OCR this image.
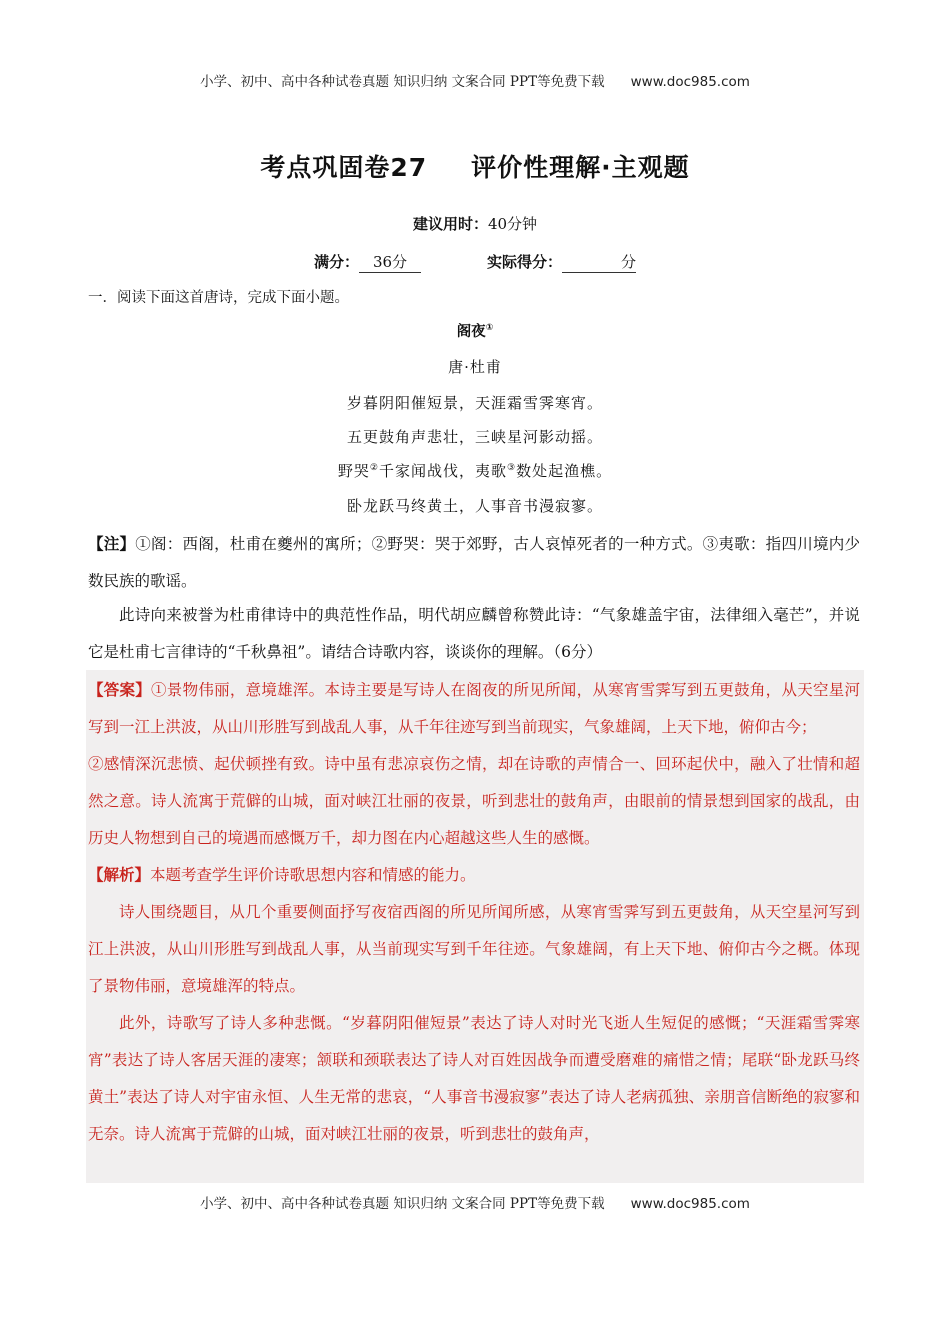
小学、初中、高中各种试卷真题 知识归纳 文案合同 PPT等免费下载 www.doc985.com
考点巩固卷27 评价性理解·主观题
建议用时：40分钟
满分： 36分	实际得分：	分
一．阅读下面这首唐诗，完成下面小题。
阁夜①
唐·杜甫
岁暮阴阳催短景，天涯霜雪霁寒宵。
五更鼓角声悲壮，三峡星河影动摇。
野哭②千家闻战伐，夷歌③数处起渔樵。
卧龙跃马终黄土，人事音书漫寂寥。
【注】①阁：西阁，杜甫在夔州的寓所；②野哭：哭于郊野，古人哀悼死者的一种方式。③夷歌：指四川境内少数民族的歌谣。
此诗向来被誉为杜甫律诗中的典范性作品，明代胡应麟曾称赞此诗：“气象雄盖宇宙，法律细入毫芒”，并说它是杜甫七言律诗的“千秋鼻祖”。请结合诗歌内容，谈谈你的理解。（6分）
【答案】①景物伟丽，意境雄浑。本诗主要是写诗人在阁夜的所见所闻，从寒宵雪霁写到五更鼓角，从天空星河写到一江上洪波，从山川形胜写到战乱人事，从千年往迹写到当前现实，气象雄阔，上天下地，俯仰古今；
②感情深沉悲愤、起伏顿挫有致。诗中虽有悲凉哀伤之情，却在诗歌的声情合一、回环起伏中，融入了壮情和超然之意。诗人流寓于荒僻的山城，面对峡江壮丽的夜景，听到悲壮的鼓角声，由眼前的情景想到国家的战乱，由历史人物想到自己的境遇而感慨万千，却力图在内心超越这些人生的感慨。
【解析】本题考查学生评价诗歌思想内容和情感的能力。
诗人围绕题目，从几个重要侧面抒写夜宿西阁的所见所闻所感，从寒宵雪霁写到五更鼓角，从天空星河写到江上洪波，从山川形胜写到战乱人事，从当前现实写到千年往迹。气象雄阔，有上天下地、俯仰古今之概。体现了景物伟丽，意境雄浑的特点。
此外，诗歌写了诗人多种悲慨。“岁暮阴阳催短景”表达了诗人对时光飞逝人生短促的感慨；“天涯霜雪霁寒宵”表达了诗人客居天涯的凄寒；颔联和颈联表达了诗人对百姓因战争而遭受磨难的痛惜之情；尾联“卧龙跃马终黄土”表达了诗人对宇宙永恒、人生无常的悲哀，“人事音书漫寂寥”表达了诗人老病孤独、亲朋音信断绝的寂寥和无奈。诗人流寓于荒僻的山城，面对峡江壮丽的夜景，听到悲壮的鼓角声，
小学、初中、高中各种试卷真题 知识归纳 文案合同 PPT等免费下载 www.doc985.com
